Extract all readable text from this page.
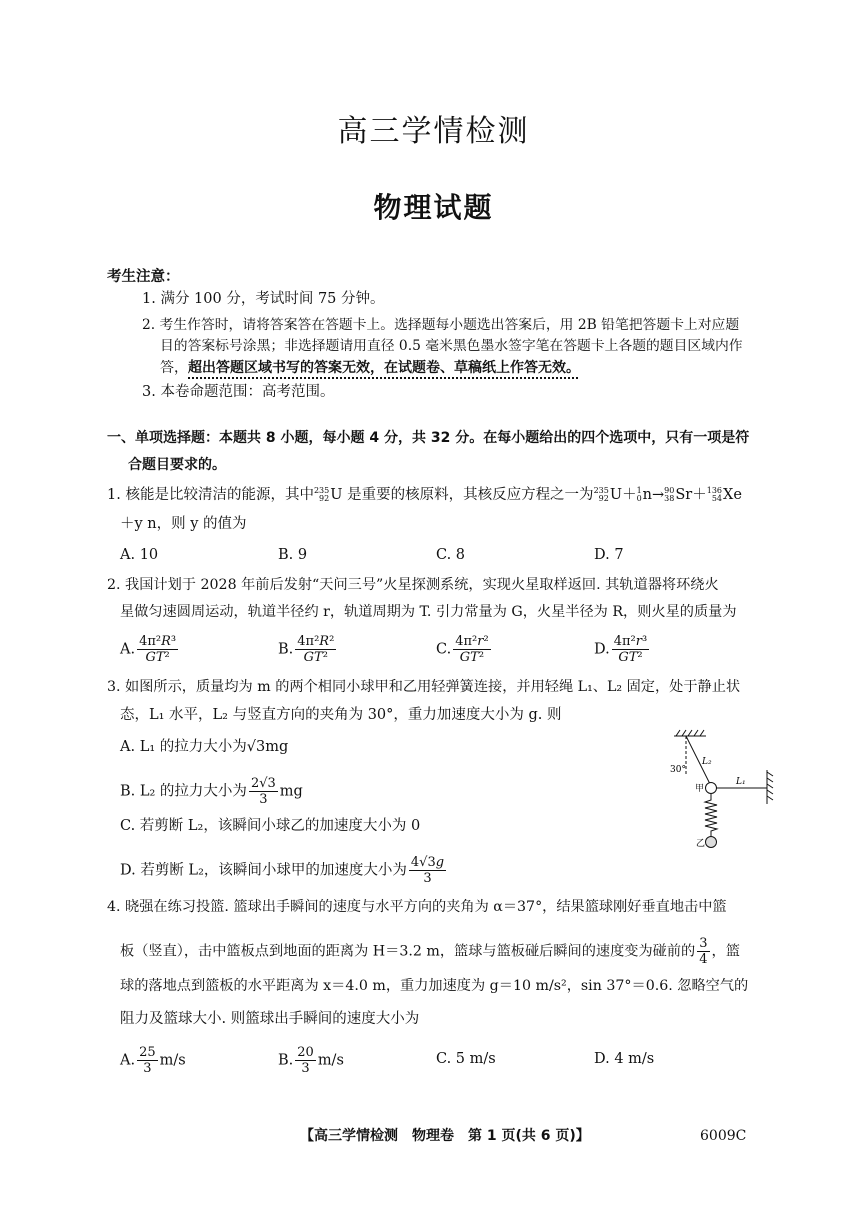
高三学情检测
物理试题
考生注意：
1. 满分 100 分，考试时间 75 分钟。
2. 考生作答时，请将答案答在答题卡上。选择题每小题选出答案后，用 2B 铅笔把答题卡上对应题
目的答案标号涂黑；非选择题请用直径 0.5 毫米黑色墨水签字笔在答题卡上各题的题目区域内作
答，超出答题区域书写的答案无效，在试题卷、草稿纸上作答无效。
3. 本卷命题范围：高考范围。
一、单项选择题：本题共 8 小题，每小题 4 分，共 32 分。在每小题给出的四个选项中，只有一项是符
合题目要求的。
1. 核能是比较清洁的能源，其中 235
92 U 是重要的核原料，其核反应方程之一为 235
92 U＋ 1
0 n→ 90
38 Sr＋ 136
54 Xe
＋y n，则 y 的值为
A. 10	B. 9	C. 8	D. 7
2. 我国计划于 2028 年前后发射“天问三号”火星探测系统，实现火星取样返回. 其轨道器将环绕火
星做匀速圆周运动，轨道半径约 r，轨道周期为 T. 引力常量为 G，火星半径为 R，则火星的质量为
A. $\frac{\text{4π²R³}}{\text{GT²}}$	B. $\frac{\text{4π²R²}}{\text{GT²}}$	C. $\frac{\text{4π²r²}}{\text{GT²}}$	D. $\frac{\text{4π²r³}}{\text{GT²}}$
3. 如图所示，质量均为 m 的两个相同小球甲和乙用轻弹簧连接，并用轻绳 L₁、L₂ 固定，处于静止状
态，L₁ 水平，L₂ 与竖直方向的夹角为 30°，重力加速度大小为 g. 则
A. L₁ 的拉力大小为√3mg
B. L₂ 的拉力大小为 $\frac{2√3}{3}$ mg
C. 若剪断 L₂，该瞬间小球乙的加速度大小为 0
D. 若剪断 L₂，该瞬间小球甲的加速度大小为 $\frac{4√3g}{3}$
30°
L₂
L₁
甲
乙
4. 晓强在练习投篮. 篮球出手瞬间的速度与水平方向的夹角为 α＝37°，结果篮球刚好垂直地击中篮
板（竖直），击中篮板点到地面的距离为 H＝3.2 m，篮球与篮板碰后瞬间的速度变为碰前的 $\frac{3}{4}$ ，篮
球的落地点到篮板的水平距离为 x＝4.0 m，重力加速度为 g＝10 m/s²，sin 37°＝0.6. 忽略空气的
阻力及篮球大小. 则篮球出手瞬间的速度大小为
A. $\frac{25}{3} m/s$	B. $\frac{20}{3} m/s$	C. 5 m/s	D. 4 m/s
【高三学情检测　物理卷　第 1 页(共 6 页)】	6009C
